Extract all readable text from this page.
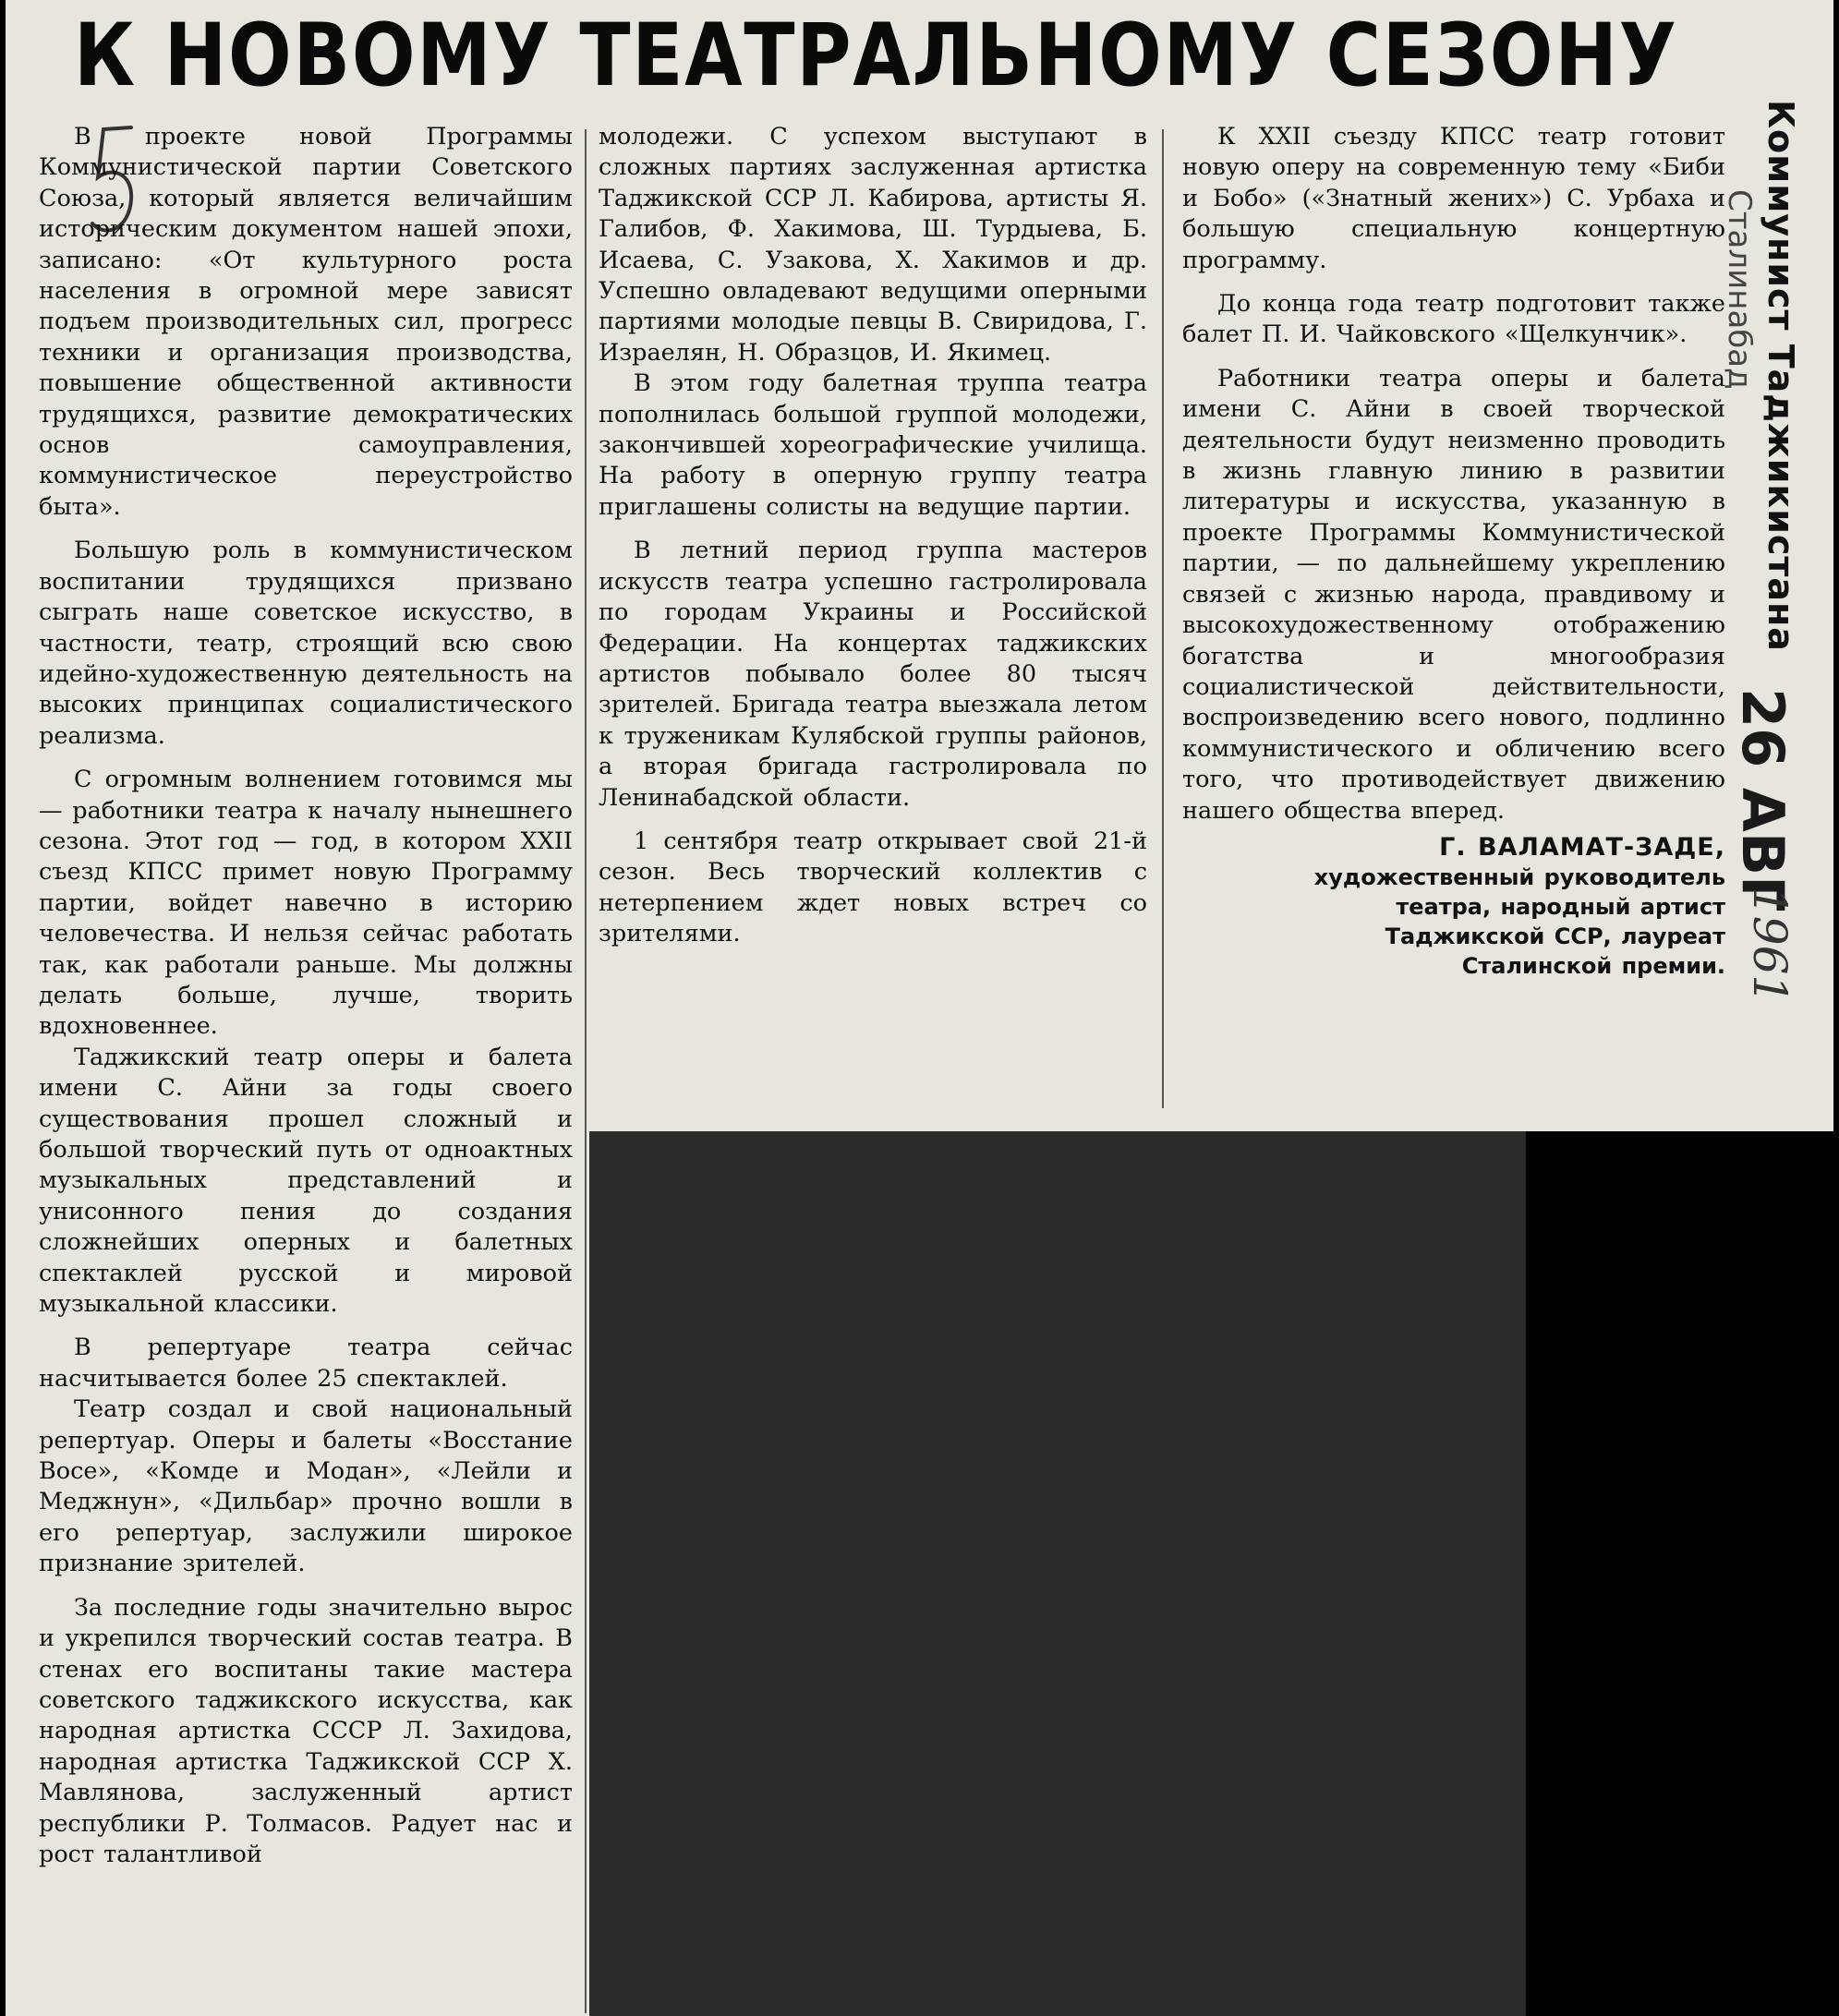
К НОВОМУ ТЕАТРАЛЬНОМУ СЕЗОНУ

В проекте новой Программы Коммунистической партии Советского Союза, который является величайшим историческим документом нашей эпохи, записано: «От культурного роста населения в огромной мере зависят подъем производительных сил, прогресс техники и организация производства, повышение общественной активности трудящихся, развитие демократических основ самоуправления, коммунистическое переустройство быта».

Большую роль в коммунистическом воспитании трудящихся призвано сыграть наше советское искусство, в частности, театр, строящий всю свою идейно-художественную деятельность на высоких принципах социалистического реализма.

С огромным волнением готовимся мы — работники театра к началу нынешнего сезона. Этот год — год, в котором XXII съезд КПСС примет новую Программу партии, войдет навечно в историю человечества. И нельзя сейчас работать так, как работали раньше. Мы должны делать больше, лучше, творить вдохновеннее.

Таджикский театр оперы и балета имени С. Айни за годы своего существования прошел сложный и большой творческий путь от одноактных музыкальных представлений и унисонного пения до создания сложнейших оперных и балетных спектаклей русской и мировой музыкальной классики.

В репертуаре театра сейчас насчитывается более 25 спектаклей.

Театр создал и свой национальный репертуар. Оперы и балеты «Восстание Восе», «Комде и Модан», «Лейли и Меджнун», «Дильбар» прочно вошли в его репертуар, заслужили широкое признание зрителей.

За последние годы значительно вырос и укрепился творческий состав театра. В стенах его воспитаны такие мастера советского таджикского искусства, как народная артистка СССР Л. Захидова, народная артистка Таджикской ССР Х. Мавлянова, заслуженный артист республики Р. Толмасов. Радует нас и рост талантливой

молодежи. С успехом выступают в сложных партиях заслуженная артистка Таджикской ССР Л. Кабирова, артисты Я. Галибов, Ф. Хакимова, Ш. Турдыева, Б. Исаева, С. Узакова, Х. Хакимов и др. Успешно овладевают ведущими оперными партиями молодые певцы В. Свиридова, Г. Израелян, Н. Образцов, И. Якимец.

В этом году балетная труппа театра пополнилась большой группой молодежи, закончившей хореографические училища. На работу в оперную группу театра приглашены солисты на ведущие партии.

В летний период группа мастеров искусств театра успешно гастролировала по городам Украины и Российской Федерации. На концертах таджикских артистов побывало более 80 тысяч зрителей. Бригада театра выезжала летом к труженикам Кулябской группы районов, а вторая бригада гастролировала по Ленинабадской области.

1 сентября театр открывает свой 21-й сезон. Весь творческий коллектив с нетерпением ждет новых встреч со зрителями.

К XXII съезду КПСС театр готовит новую оперу на современную тему «Биби и Бобо» («Знатный жених») С. Урбаха и большую специальную концертную программу.

До конца года театр подготовит также балет П. И. Чайковского «Щелкунчик».

Работники театра оперы и балета имени С. Айни в своей творческой деятельности будут неизменно проводить в жизнь главную линию в развитии литературы и искусства, указанную в проекте Программы Коммунистической партии, — по дальнейшему укреплению связей с жизнью народа, правдивому и высокохудожественному отображению богатства и многообразия социалистической действительности, воспроизведению всего нового, подлинно коммунистического и обличению всего того, что противодействует движению нашего общества вперед.

Г. ВАЛАМАТ-ЗАДЕ,
художественный руководитель
театра, народный артист
Таджикской ССР, лауреат
Сталинской премии.
Коммунист Таджикистана
Сталинабад
26 АВГ
1961
